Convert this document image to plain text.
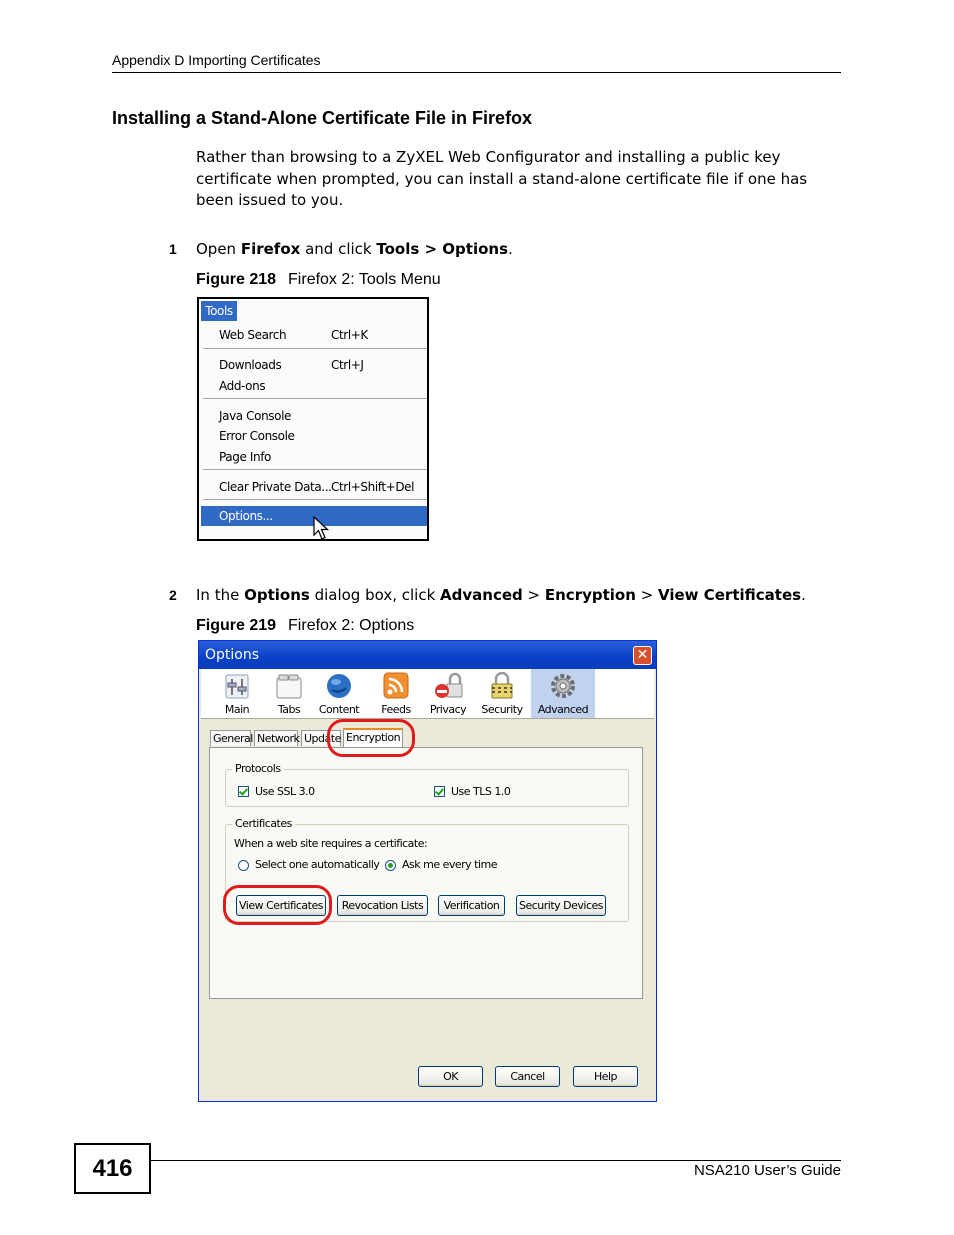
Appendix D Importing Certificates
Installing a Stand-Alone Certificate File in Firefox
Rather than browsing to a ZyXEL Web Configurator and installing a public key certificate when prompted, you can install a stand-alone certificate file if one has been issued to you.
1 Open Firefox and click Tools > Options.
Figure 218 Firefox 2: Tools Menu
Tools
Web Search	Ctrl+K
Downloads	Ctrl+J
Add-ons
Java Console
Error Console
Page Info
Clear Private Data... Ctrl+Shift+Del
Options...
2 In the Options dialog box, click Advanced > Encryption > View Certificates.
Figure 219 Firefox 2: Options
Options	✕
Main	Tabs	Content	Feeds	Privacy	Security	Advanced
General Network Update Encryption
Protocols
Use SSL 3.0	Use TLS 1.0
Certificates
When a web site requires a certificate:
Select one automatically Ask me every time
View Certificates	Revocation Lists	Verification	Security Devices
OK	Cancel	Help
416	NSA210 User’s Guide
